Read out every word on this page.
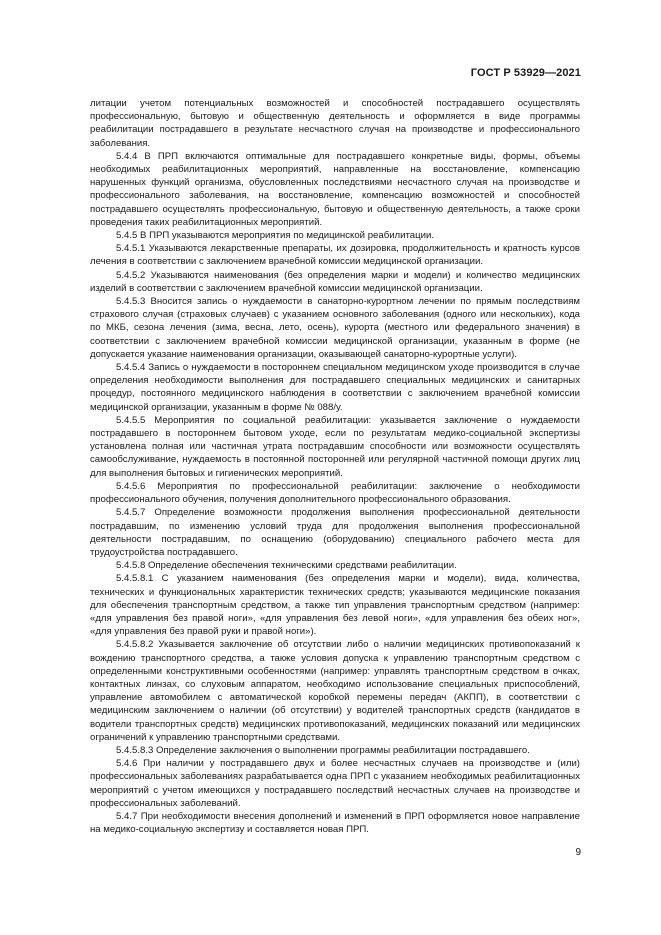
ГОСТ Р 53929—2021

литации учетом потенциальных возможностей и способностей пострадавшего осуществлять профессиональную, бытовую и общественную деятельность и оформляется в виде программы реабилитации пострадавшего в результате несчастного случая на производстве и профессионального заболевания.

5.4.4 В ПРП включаются оптимальные для пострадавшего конкретные виды, формы, объемы необходимых реабилитационных мероприятий, направленные на восстановление, компенсацию нарушенных функций организма, обусловленных последствиями несчастного случая на производстве и профессионального заболевания, на восстановление, компенсацию возможностей и способностей пострадавшего осуществлять профессиональную, бытовую и общественную деятельность, а также сроки проведения таких реабилитационных мероприятий.

5.4.5 В ПРП указываются мероприятия по медицинской реабилитации.

5.4.5.1 Указываются лекарственные препараты, их дозировка, продолжительность и кратность курсов лечения в соответствии с заключением врачебной комиссии медицинской организации.

5.4.5.2 Указываются наименования (без определения марки и модели) и количество медицинских изделий в соответствии с заключением врачебной комиссии медицинской организации.

5.4.5.3 Вносится запись о нуждаемости в санаторно-курортном лечении по прямым последствиям страхового случая (страховых случаев) с указанием основного заболевания (одного или нескольких), кода по МКБ, сезона лечения (зима, весна, лето, осень), курорта (местного или федерального значения) в соответствии с заключением врачебной комиссии медицинской организации, указанным в форме (не допускается указание наименования организации, оказывающей санаторно-курортные услуги).

5.4.5.4 Запись о нуждаемости в постороннем специальном медицинском уходе производится в случае определения необходимости выполнения для пострадавшего специальных медицинских и санитарных процедур, постоянного медицинского наблюдения в соответствии с заключением врачебной комиссии медицинской организации, указанным в форме № 088/у.

5.4.5.5 Мероприятия по социальной реабилитации: указывается заключение о нуждаемости пострадавшего в постороннем бытовом уходе, если по результатам медико-социальной экспертизы установлена полная или частичная утрата пострадавшим способности или возможности осуществлять самообслуживание, нуждаемость в постоянной посторонней или регулярной частичной помощи других лиц для выполнения бытовых и гигиенических мероприятий.

5.4.5.6 Мероприятия по профессиональной реабилитации: заключение о необходимости профессионального обучения, получения дополнительного профессионального образования.

5.4.5.7 Определение возможности продолжения выполнения профессиональной деятельности пострадавшим, по изменению условий труда для продолжения выполнения профессиональной деятельности пострадавшим, по оснащению (оборудованию) специального рабочего места для трудоустройства пострадавшего.

5.4.5.8 Определение обеспечения техническими средствами реабилитации.

5.4.5.8.1 С указанием наименования (без определения марки и модели), вида, количества, технических и функциональных характеристик технических средств; указываются медицинские показания для обеспечения транспортным средством, а также тип управления транспортным средством (например: «для управления без правой ноги», «для управления без левой ноги», «для управления без обеих ног», «для управления без правой руки и правой ноги»).

5.4.5.8.2 Указывается заключение об отсутствии либо о наличии медицинских противопоказаний к вождению транспортного средства, а также условия допуска к управлению транспортным средством с определенными конструктивными особенностями (например: управлять транспортным средством в очках, контактных линзах, со слуховым аппаратом, необходимо использование специальных приспособлений, управление автомобилем с автоматической коробкой перемены передач (АКПП), в соответствии с медицинским заключением о наличии (об отсутствии) у водителей транспортных средств (кандидатов в водители транспортных средств) медицинских противопоказаний, медицинских показаний или медицинских ограничений к управлению транспортными средствами.

5.4.5.8.3 Определение заключения о выполнении программы реабилитации пострадавшего.

5.4.6 При наличии у пострадавшего двух и более несчастных случаев на производстве и (или) профессиональных заболеваниях разрабатывается одна ПРП с указанием необходимых реабилитационных мероприятий с учетом имеющихся у пострадавшего последствий несчастных случаев на производстве и профессиональных заболеваний.

5.4.7 При необходимости внесения дополнений и изменений в ПРП оформляется новое направление на медико-социальную экспертизу и составляется новая ПРП.

9
